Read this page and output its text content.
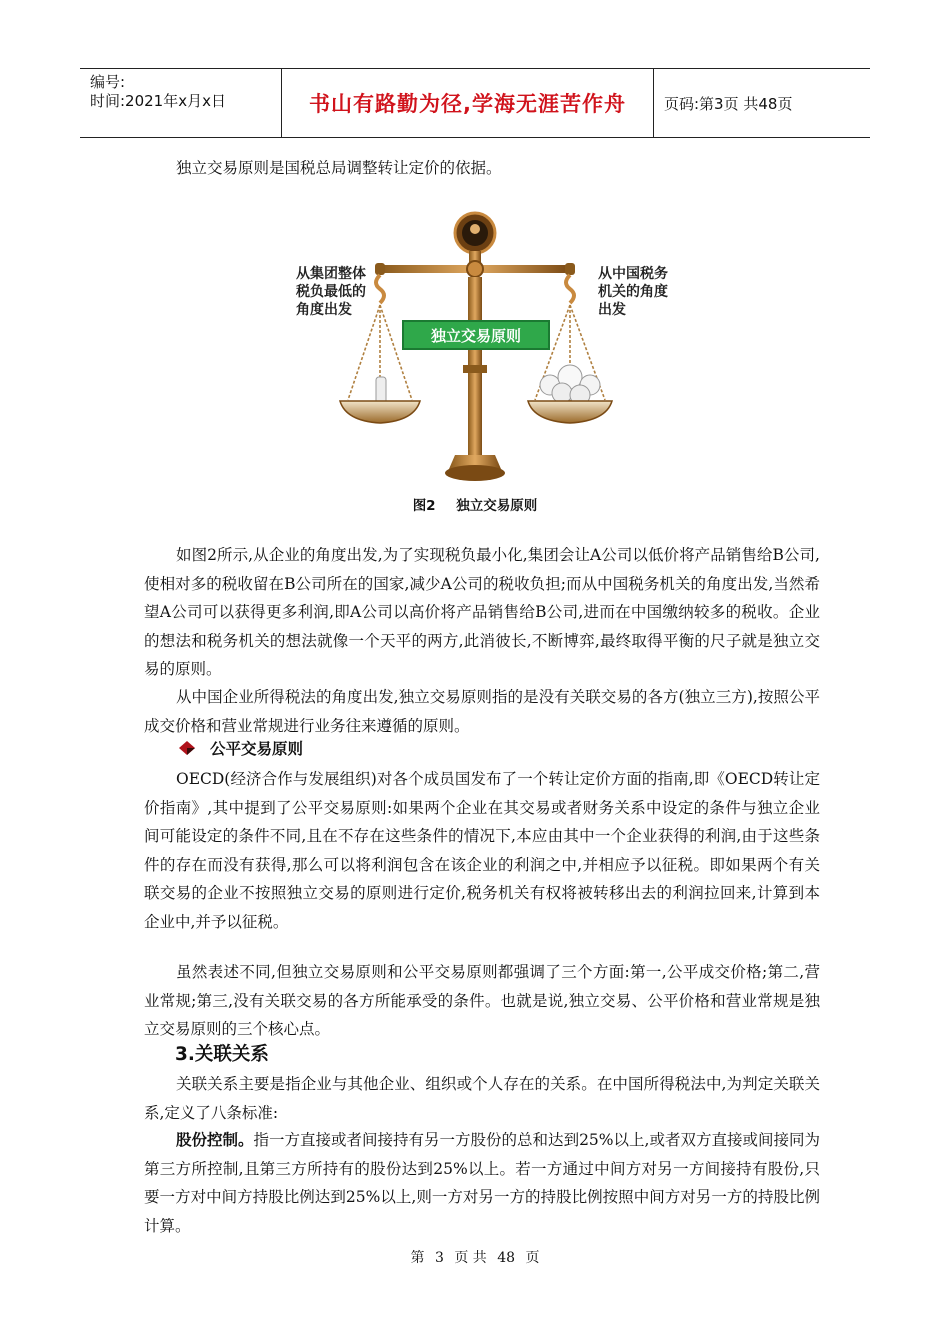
编号:
时间:2021年x月x日	书山有路勤为径,学海无涯苦作舟	页码:第3页 共48页

独立交易原则是国税总局调整转让定价的依据。

从集团整体税负最低的角度出发
从中国税务机关的角度出发
独立交易原则
图2 独立交易原则

如图2所示,从企业的角度出发,为了实现税负最小化,集团会让A公司以低价将产品销售给B公司,使相对多的税收留在B公司所在的国家,减少A公司的税收负担;而从中国税务机关的角度出发,当然希望A公司可以获得更多利润,即A公司以高价将产品销售给B公司,进而在中国缴纳较多的税收。企业的想法和税务机关的想法就像一个天平的两方,此消彼长,不断博弈,最终取得平衡的尺子就是独立交易的原则。

从中国企业所得税法的角度出发,独立交易原则指的是没有关联交易的各方(独立三方),按照公平成交价格和营业常规进行业务往来遵循的原则。

公平交易原则

OECD(经济合作与发展组织)对各个成员国发布了一个转让定价方面的指南,即《OECD转让定价指南》,其中提到了公平交易原则:如果两个企业在其交易或者财务关系中设定的条件与独立企业间可能设定的条件不同,且在不存在这些条件的情况下,本应由其中一个企业获得的利润,由于这些条件的存在而没有获得,那么可以将利润包含在该企业的利润之中,并相应予以征税。即如果两个有关联交易的企业不按照独立交易的原则进行定价,税务机关有权将被转移出去的利润拉回来,计算到本企业中,并予以征税。

虽然表述不同,但独立交易原则和公平交易原则都强调了三个方面:第一,公平成交价格;第二,营业常规;第三,没有关联交易的各方所能承受的条件。也就是说,独立交易、公平价格和营业常规是独立交易原则的三个核心点。

3.关联关系

关联关系主要是指企业与其他企业、组织或个人存在的关系。在中国所得税法中,为判定关联关系,定义了八条标准:

股份控制。指一方直接或者间接持有另一方股份的总和达到25%以上,或者双方直接或间接同为第三方所控制,且第三方所持有的股份达到25%以上。若一方通过中间方对另一方间接持有股份,只要一方对中间方持股比例达到25%以上,则一方对另一方的持股比例按照中间方对另一方的持股比例计算。

第 3 页 共 48 页
